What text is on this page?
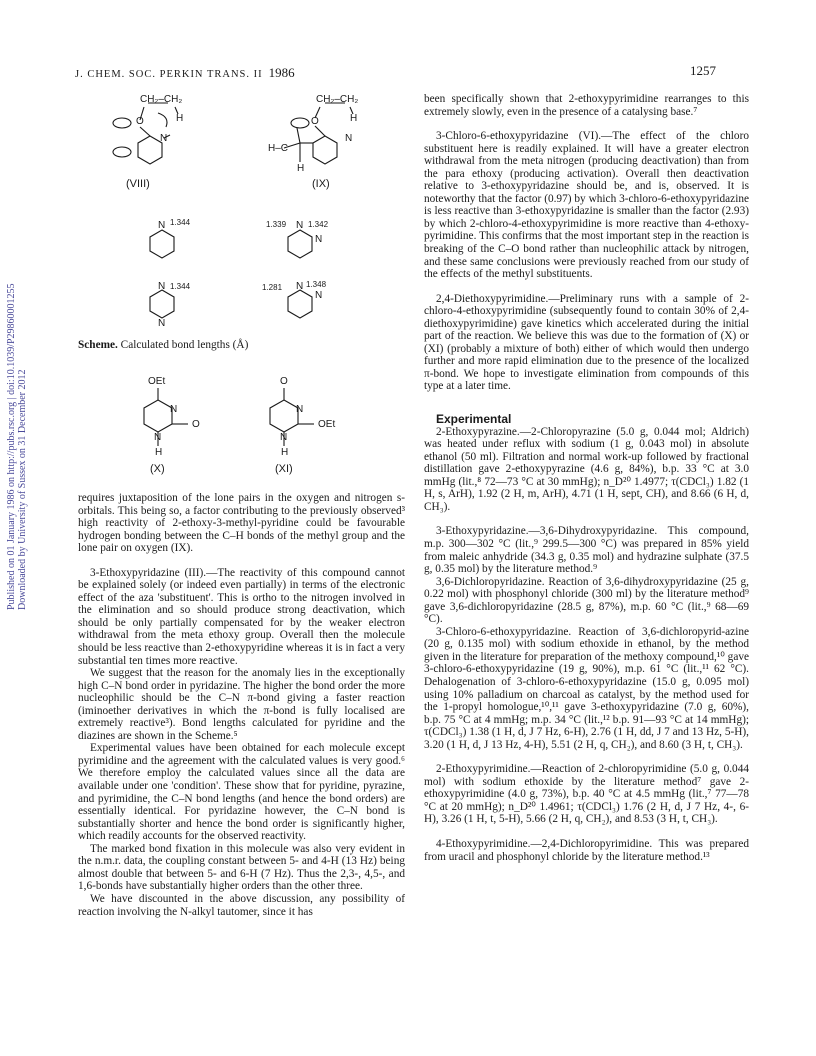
J. CHEM. SOC. PERKIN TRANS. II 1986	1257
Published on 01 January 1986 on http://pubs.rsc.org | doi:10.1039/P29860001255 Downloaded by University of Sussex on 31 December 2012
CH₂–CH₂
O	H
N
CH₂–CH₂
O	H
N
H–C
H
(VIII)	(IX)
N 1.344	1.339 N 1.342
N
N 1.344
N
1.281 N 1.348
N
Scheme. Calculated bond lengths (Å)
OEt
N
O
N
H
O
N
OEt
N
H
(X)	(XI)

requires juxtaposition of the lone pairs in the oxygen and nitrogen s-orbitals. This being so, a factor contributing to the previously observed³ high reactivity of 2-ethoxy-3-methyl-pyridine could be favourable hydrogen bonding between the C–H bonds of the methyl group and the lone pair on oxygen (IX).

3-Ethoxypyridazine (III).—The reactivity of this compound cannot be explained solely (or indeed even partially) in terms of the electronic effect of the aza 'substituent'. This is ortho to the nitrogen involved in the elimination and so should produce strong deactivation, which should be only partially compensated for by the weaker electron withdrawal from the meta ethoxy group. Overall then the molecule should be less reactive than 2-ethoxypyridine whereas it is in fact a very substantial ten times more reactive.

We suggest that the reason for the anomaly lies in the exceptionally high C–N bond order in pyridazine. The higher the bond order the more nucleophilic should be the C–N π-bond giving a faster reaction (iminoether derivatives in which the π-bond is fully localised are extremely reactive³). Bond lengths calculated for pyridine and the diazines are shown in the Scheme.⁵

Experimental values have been obtained for each molecule except pyrimidine and the agreement with the calculated values is very good.⁶ We therefore employ the calculated values since all the data are available under one 'condition'. These show that for pyridine, pyrazine, and pyrimidine, the C–N bond lengths (and hence the bond orders) are essentially identical. For pyridazine however, the C–N bond is substantially shorter and hence the bond order is significantly higher, which readily accounts for the observed reactivity.

The marked bond fixation in this molecule was also very evident in the n.m.r. data, the coupling constant between 5- and 4-H (13 Hz) being almost double that between 5- and 6-H (7 Hz). Thus the 2,3-, 4,5-, and 1,6-bonds have substantially higher orders than the other three.

We have discounted in the above discussion, any possibility of reaction involving the N-alkyl tautomer, since it has

been specifically shown that 2-ethoxypyrimidine rearranges to this extremely slowly, even in the presence of a catalysing base.⁷

3-Chloro-6-ethoxypyridazine (VI).—The effect of the chloro substituent here is readily explained. It will have a greater electron withdrawal from the meta nitrogen (producing deactivation) than from the para ethoxy (producing activation). Overall then deactivation relative to 3-ethoxypyridazine should be, and is, observed. It is noteworthy that the factor (0.97) by which 3-chloro-6-ethoxypyridazine is less reactive than 3-ethoxypyridazine is smaller than the factor (2.93) by which 2-chloro-4-ethoxypyrimidine is more reactive than 4-ethoxy-pyrimidine. This confirms that the most important step in the reaction is breaking of the C–O bond rather than nucleophilic attack by nitrogen, and these same conclusions were previously reached from our study of the effects of the methyl substituents.

2,4-Diethoxypyrimidine.—Preliminary runs with a sample of 2-chloro-4-ethoxypyrimidine (subsequently found to contain 30% of 2,4-diethoxypyrimidine) gave kinetics which accelerated during the initial part of the reaction. We believe this was due to the formation of (X) or (XI) (probably a mixture of both) either of which would then undergo further and more rapid elimination due to the presence of the localized π-bond. We hope to investigate elimination from compounds of this type at a later time.

Experimental

2-Ethoxypyrazine.—2-Chloropyrazine (5.0 g, 0.044 mol; Aldrich) was heated under reflux with sodium (1 g, 0.043 mol) in absolute ethanol (50 ml). Filtration and normal work-up followed by fractional distillation gave 2-ethoxypyrazine (4.6 g, 84%), b.p. 33 °C at 3.0 mmHg (lit.,⁸ 72—73 °C at 30 mmHg); n_D²⁰ 1.4977; τ(CDCl₃) 1.82 (1 H, s, ArH), 1.92 (2 H, m, ArH), 4.71 (1 H, sept, CH), and 8.66 (6 H, d, CH₃).

3-Ethoxypyridazine.—3,6-Dihydroxypyridazine. This compound, m.p. 300—302 °C (lit.,⁹ 299.5—300 °C) was prepared in 85% yield from maleic anhydride (34.3 g, 0.35 mol) and hydrazine sulphate (37.5 g, 0.35 mol) by the literature method.⁹

3,6-Dichloropyridazine. Reaction of 3,6-dihydroxypyridazine (25 g, 0.22 mol) with phosphonyl chloride (300 ml) by the literature method⁹ gave 3,6-dichloropyridazine (28.5 g, 87%), m.p. 60 °C (lit.,⁹ 68—69 °C).

3-Chloro-6-ethoxypyridazine. Reaction of 3,6-dichloropyrid-azine (20 g, 0.135 mol) with sodium ethoxide in ethanol, by the method given in the literature for preparation of the methoxy compound,¹⁰ gave 3-chloro-6-ethoxypyridazine (19 g, 90%), m.p. 61 °C (lit.,¹¹ 62 °C). Dehalogenation of 3-chloro-6-ethoxypyridazine (15.0 g, 0.095 mol) using 10% palladium on charcoal as catalyst, by the method used for the 1-propyl homologue,¹⁰,¹¹ gave 3-ethoxypyridazine (7.0 g, 60%), b.p. 75 °C at 4 mmHg; m.p. 34 °C (lit.,¹² b.p. 91—93 °C at 14 mmHg); τ(CDCl₃) 1.38 (1 H, d, J 7 Hz, 6-H), 2.76 (1 H, dd, J 7 and 13 Hz, 5-H), 3.20 (1 H, d, J 13 Hz, 4-H), 5.51 (2 H, q, CH₂), and 8.60 (3 H, t, CH₃).

2-Ethoxypyrimidine.—Reaction of 2-chloropyrimidine (5.0 g, 0.044 mol) with sodium ethoxide by the literature method⁷ gave 2-ethoxypyrimidine (4.0 g, 73%), b.p. 40 °C at 4.5 mmHg (lit.,⁷ 77—78 °C at 20 mmHg); n_D²⁰ 1.4961; τ(CDCl₃) 1.76 (2 H, d, J 7 Hz, 4-, 6-H), 3.26 (1 H, t, 5-H), 5.66 (2 H, q, CH₂), and 8.53 (3 H, t, CH₃).

4-Ethoxypyrimidine.—2,4-Dichloropyrimidine. This was prepared from uracil and phosphonyl chloride by the literature method.¹³
